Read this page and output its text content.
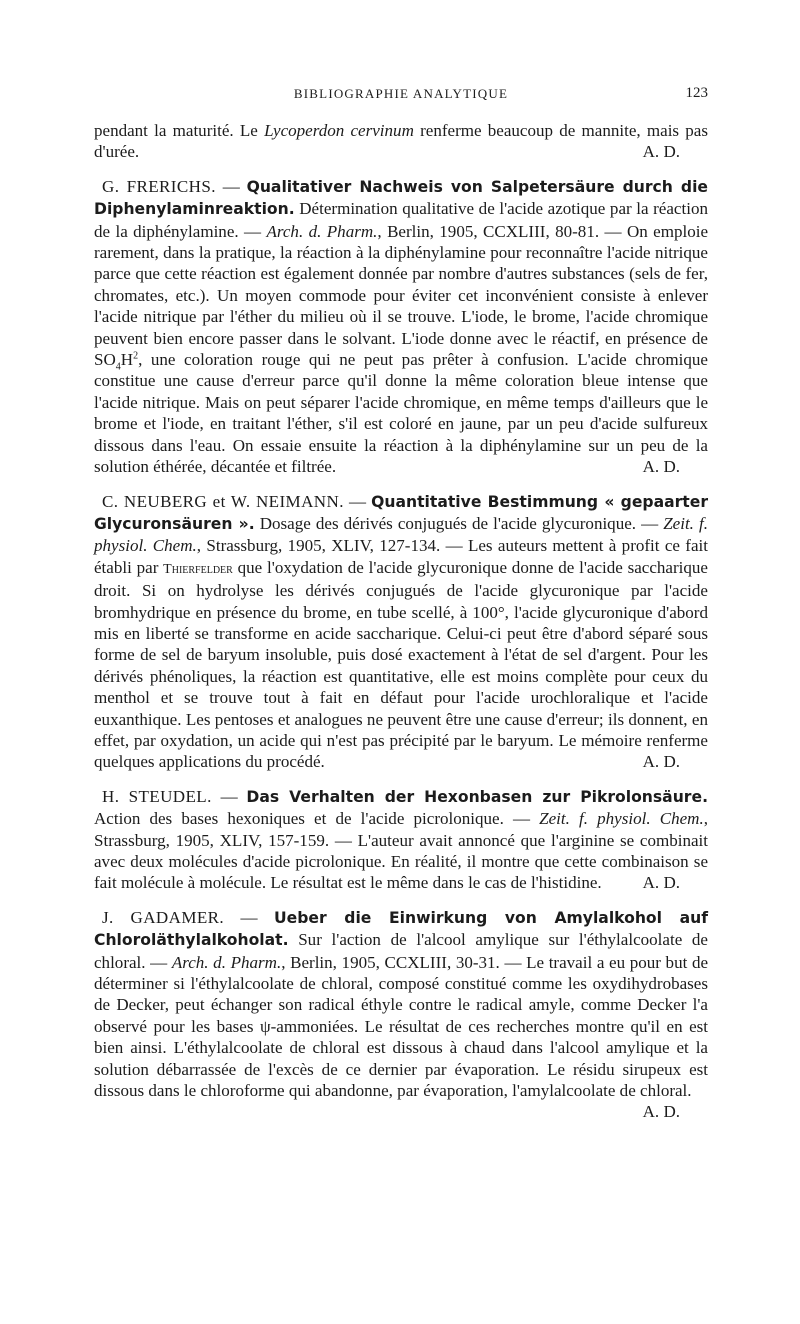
BIBLIOGRAPHIE ANALYTIQUE	123

pendant la maturité. Le Lycoperdon cervinum renferme beaucoup de mannite, mais pas d'urée.	A. D.

G. FRERICHS. — Qualitativer Nachweis von Salpetersäure durch die Diphenylaminreaktion. Détermination qualitative de l'acide azotique par la réaction de la diphénylamine. — Arch. d. Pharm., Berlin, 1905, CCXLIII, 80-81. — On emploie rarement, dans la pratique, la réaction à la diphénylamine pour reconnaître l'acide nitrique parce que cette réaction est également donnée par nombre d'autres substances (sels de fer, chromates, etc.). Un moyen commode pour éviter cet inconvénient consiste à enlever l'acide nitrique par l'éther du milieu où il se trouve. L'iode, le brome, l'acide chromique peuvent bien encore passer dans le solvant. L'iode donne avec le réactif, en présence de $SO_4H^2$, une coloration rouge qui ne peut pas prêter à confusion. L'acide chromique constitue une cause d'erreur parce qu'il donne la même coloration bleue intense que l'acide nitrique. Mais on peut séparer l'acide chromique, en même temps d'ailleurs que le brome et l'iode, en traitant l'éther, s'il est coloré en jaune, par un peu d'acide sulfureux dissous dans l'eau. On essaie ensuite la réaction à la diphénylamine sur un peu de la solution éthérée, décantée et filtrée.	A. D.

C. NEUBERG et W. NEIMANN. — Quantitative Bestimmung « gepaarter Glycuronsäuren ». Dosage des dérivés conjugués de l'acide glycuronique. — Zeit. f. physiol. Chem., Strassburg, 1905, XLIV, 127-134. — Les auteurs mettent à profit ce fait établi par Thierfelder que l'oxydation de l'acide glycuronique donne de l'acide saccharique droit. Si on hydrolyse les dérivés conjugués de l'acide glycuronique par l'acide bromhydrique en présence du brome, en tube scellé, à 100°, l'acide glycuronique d'abord mis en liberté se transforme en acide saccharique. Celui-ci peut être d'abord séparé sous forme de sel de baryum insoluble, puis dosé exactement à l'état de sel d'argent. Pour les dérivés phénoliques, la réaction est quantitative, elle est moins complète pour ceux du menthol et se trouve tout à fait en défaut pour l'acide urochloralique et l'acide euxanthique. Les pentoses et analogues ne peuvent être une cause d'erreur; ils donnent, en effet, par oxydation, un acide qui n'est pas précipité par le baryum. Le mémoire renferme quelques applications du procédé.	A. D.

H. STEUDEL. — Das Verhalten der Hexonbasen zur Pikrolonsäure. Action des bases hexoniques et de l'acide picrolonique. — Zeit. f. physiol. Chem., Strassburg, 1905, XLIV, 157-159. — L'auteur avait annoncé que l'arginine se combinait avec deux molécules d'acide picrolonique. En réalité, il montre que cette combinaison se fait molécule à molécule. Le résultat est le même dans le cas de l'histidine.	A. D.

J. GADAMER. — Ueber die Einwirkung von Amylalkohol auf Chloroläthylalkoholat. Sur l'action de l'alcool amylique sur l'éthylalcoolate de chloral. — Arch. d. Pharm., Berlin, 1905, CCXLIII, 30-31. — Le travail a eu pour but de déterminer si l'éthylalcoolate de chloral, composé constitué comme les oxydihydrobases de Decker, peut échanger son radical éthyle contre le radical amyle, comme Decker l'a observé pour les bases ψ-ammoniées. Le résultat de ces recherches montre qu'il en est bien ainsi. L'éthylalcoolate de chloral est dissous à chaud dans l'alcool amylique et la solution débarrassée de l'excès de ce dernier par évaporation. Le résidu sirupeux est dissous dans le chloroforme qui abandonne, par évaporation, l'amylalcoolate de chloral.
A. D.
